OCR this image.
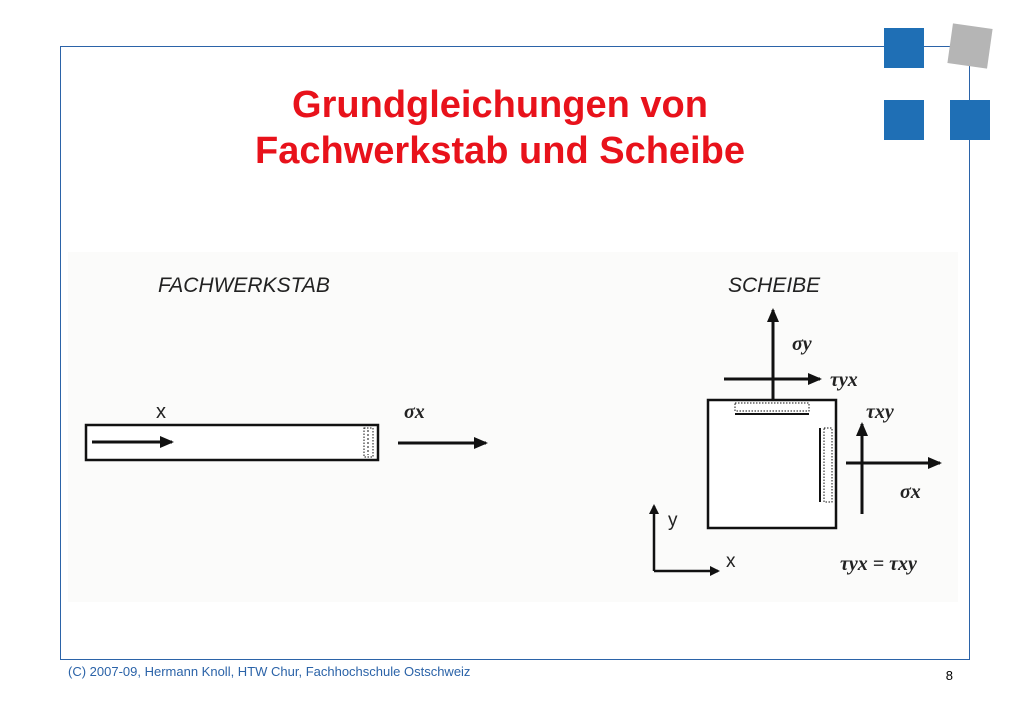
Grundgleichungen von
Fachwerkstab und Scheibe
FACHWERKSTAB
x	σx
SCHEIBE
σy
τyx
τxy
σx
y
x	τyx = τxy
(C) 2007-09, Hermann Knoll, HTW Chur, Fachhochschule Ostschweiz	8
